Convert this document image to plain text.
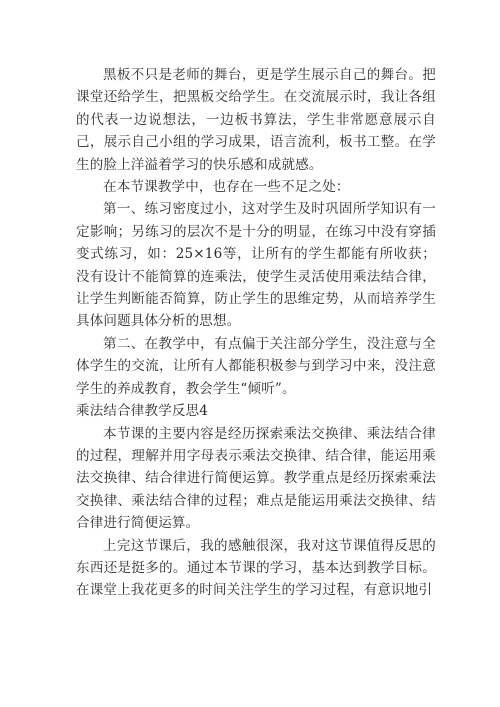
黑板不只是老师的舞台，更是学生展示自己的舞台。把课堂还给学生，把黑板交给学生。在交流展示时，我让各组的代表一边说想法，一边板书算法，学生非常愿意展示自己，展示自己小组的学习成果，语言流利，板书工整。在学生的脸上洋溢着学习的快乐感和成就感。

在本节课教学中，也存在一些不足之处：

第一、练习密度过小，这对学生及时巩固所学知识有一定影响；另练习的层次不是十分的明显，在练习中没有穿插变式练习，如：25×16等，让所有的学生都能有所收获；没有设计不能简算的连乘法，使学生灵活使用乘法结合律，让学生判断能否简算，防止学生的思维定势，从而培养学生具体问题具体分析的思想。

第二、在教学中，有点偏于关注部分学生，没注意与全体学生的交流，让所有人都能积极参与到学习中来，没注意学生的养成教育，教会学生“倾听”。

乘法结合律教学反思4

本节课的主要内容是经历探索乘法交换律、乘法结合律的过程，理解并用字母表示乘法交换律、结合律，能运用乘法交换律、结合律进行简便运算。教学重点是经历探索乘法交换律、乘法结合律的过程；难点是能运用乘法交换律、结合律进行简便运算。

上完这节课后，我的感触很深，我对这节课值得反思的东西还是挺多的。通过本节课的学习，基本达到教学目标。在课堂上我花更多的时间关注学生的学习过程，有意识地引
